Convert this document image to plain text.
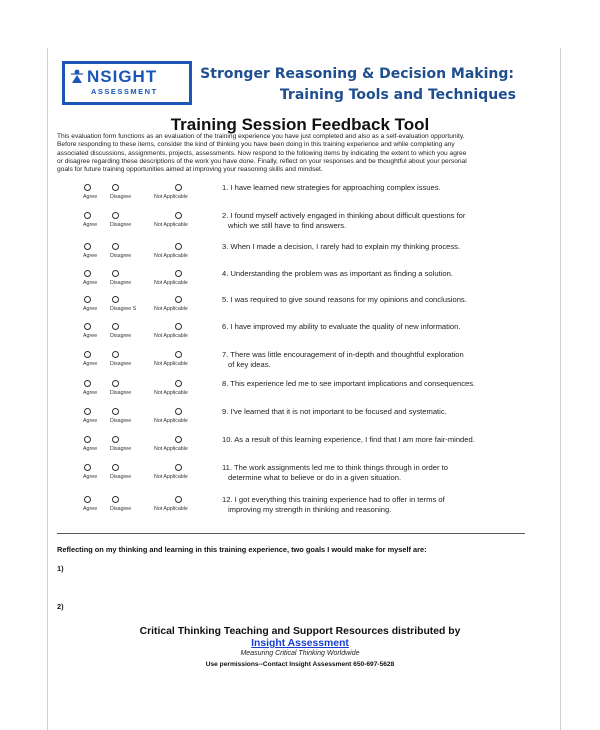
NSIGHT
ASSESSMENT
Stronger Reasoning & Decision Making:
Training Tools and Techniques
Training Session Feedback Tool
This evaluation form functions as an evaluation of the training experience you have just completed and also as a self-evaluation opportunity.
Before responding to these items, consider the kind of thinking you have been doing in this training experience and while completing any
associated discussions, assignments, projects, assessments. Now respond to the following items by indicating the extent to which you agree
or disagree regarding these descriptions of the work you have done. Finally, reflect on your responses and be thoughtful about your personal
goals for future training opportunities aimed at improving your reasoning skills and mindset.
Agree Disagree	Not Applicable
1. I have learned new strategies for approaching complex issues.
Agree Disagree	Not Applicable
2. I found myself actively engaged in thinking about difficult questions for
which we still have to find answers.
Agree Disagree	Not Applicable
3. When I made a decision, I rarely had to explain my thinking process.
Agree Disagree	Not Applicable
4. Understanding the problem was as important as finding a solution.
Agree Disagree S	Not Applicable
5. I was required to give sound reasons for my opinions and conclusions.
Agree Disagree	Not Applicable
6. I have improved my ability to evaluate the quality of new information.
Agree Disagree	Not Applicable
7. There was little encouragement of in-depth and thoughtful exploration
of key ideas.
Agree Disagree	Not Applicable
8. This experience led me to see important implications and consequences.
Agree Disagree	Not Applicable
9. I've learned that it is not important to be focused and systematic.
Agree Disagree	Not Applicable
10. As a result of this learning experience, I find that I am more fair-minded.
Agree Disagree	Not Applicable
11. The work assignments led me to think things through in order to
determine what to believe or do in a given situation.
Agree Disagree	Not Applicable
12. I got everything this training experience had to offer in terms of
improving my strength in thinking and reasoning.
Reflecting on my thinking and learning in this training experience, two goals I would make for myself are:
1)
2)
Critical Thinking Teaching and Support Resources distributed by
Insight Assessment
Measuring Critical Thinking Worldwide
Use permissions--Contact Insight Assessment 650-697-5628
